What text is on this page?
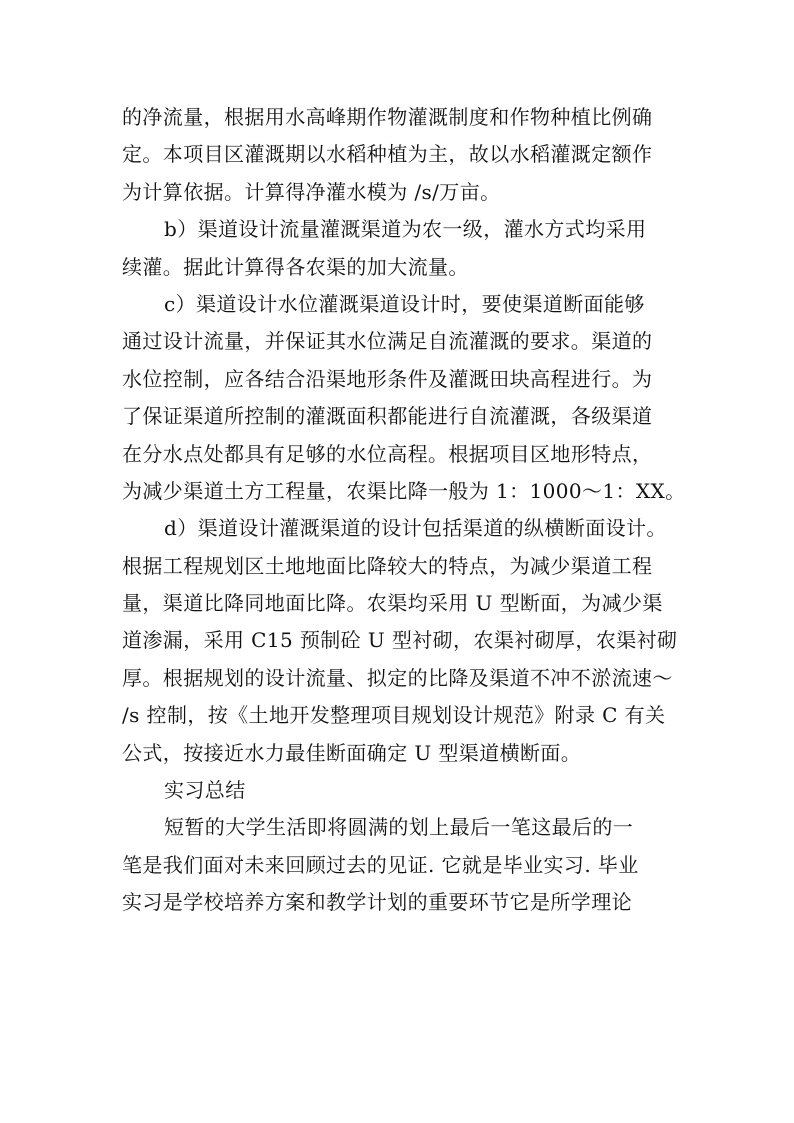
的净流量，根据用水高峰期作物灌溉制度和作物种植比例确
定。本项目区灌溉期以水稻种植为主，故以水稻灌溉定额作
为计算依据。计算得净灌水模为 /s/万亩。
b）渠道设计流量灌溉渠道为农一级，灌水方式均采用
续灌。据此计算得各农渠的加大流量。
c）渠道设计水位灌溉渠道设计时，要使渠道断面能够
通过设计流量，并保证其水位满足自流灌溉的要求。渠道的
水位控制，应各结合沿渠地形条件及灌溉田块高程进行。为
了保证渠道所控制的灌溉面积都能进行自流灌溉，各级渠道
在分水点处都具有足够的水位高程。根据项目区地形特点，
为减少渠道土方工程量，农渠比降一般为 1：1000～1：XX。
d）渠道设计灌溉渠道的设计包括渠道的纵横断面设计。
根据工程规划区土地地面比降较大的特点，为减少渠道工程
量，渠道比降同地面比降。农渠均采用 U 型断面，为减少渠
道渗漏，采用 C15 预制砼 U 型衬砌，农渠衬砌厚，农渠衬砌
厚。根据规划的设计流量、拟定的比降及渠道不冲不淤流速～
/s 控制，按《土地开发整理项目规划设计规范》附录 C 有关
公式，按接近水力最佳断面确定 U 型渠道横断面。
实习总结
短暂的大学生活即将圆满的划上最后一笔这最后的一
笔是我们面对未来回顾过去的见证. 它就是毕业实习. 毕业
实习是学校培养方案和教学计划的重要环节它是所学理论
